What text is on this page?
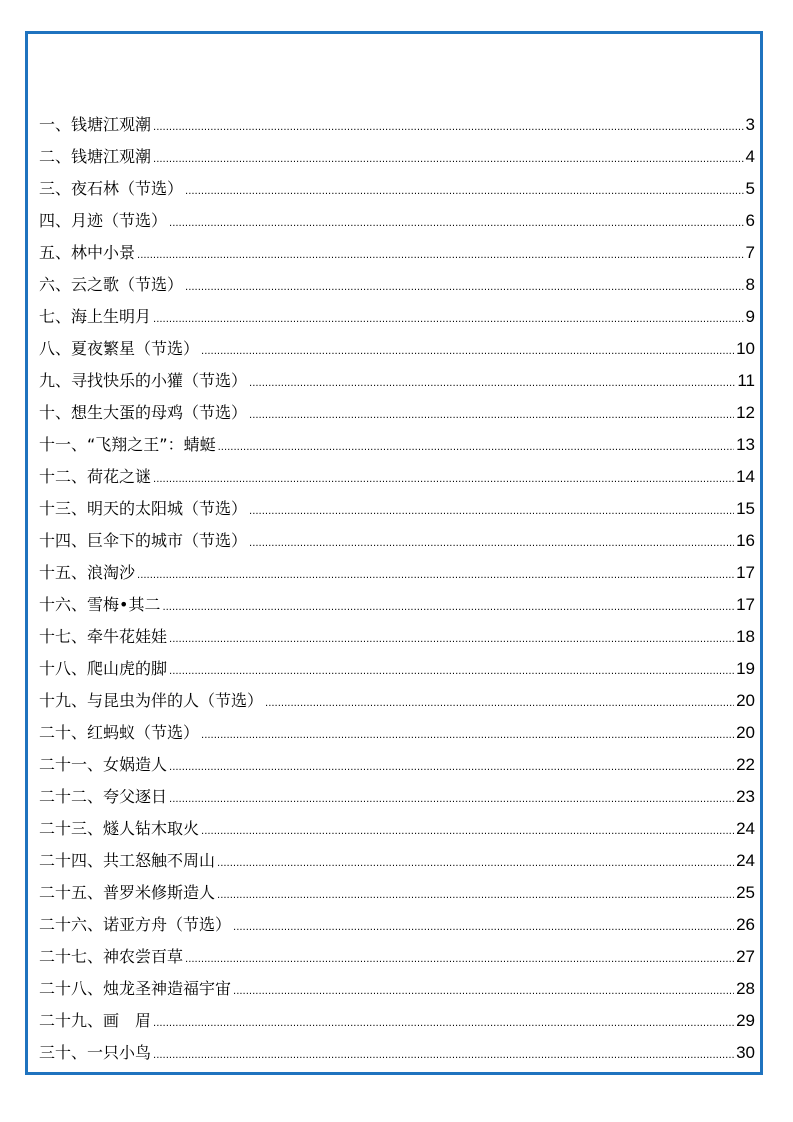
一、钱塘江观潮 .....	3
二、钱塘江观潮 .....	4
三、夜石林（节选） .....	5
四、月迹（节选） .....	6
五、林中小景 .....	7
六、云之歌（节选） .....	8
七、海上生明月 .....	9
八、夏夜繁星（节选） .....	10
九、寻找快乐的小獾（节选） .....	11
十、想生大蛋的母鸡（节选） .....	12
十一、“飞翔之王”：蜻蜓 .....	13
十二、荷花之谜 .....	14
十三、明天的太阳城（节选） .....	15
十四、巨伞下的城市（节选） .....	16
十五、浪淘沙 .....	17
十六、雪梅•其二 .....	17
十七、牵牛花娃娃 .....	18
十八、爬山虎的脚 .....	19
十九、与昆虫为伴的人（节选） .....	20
二十、红蚂蚁（节选） .....	20
二十一、女娲造人 .....	22
二十二、夸父逐日 .....	23
二十三、燧人钻木取火 .....	24
二十四、共工怒触不周山 .....	24
二十五、普罗米修斯造人 .....	25
二十六、诺亚方舟（节选） .....	26
二十七、神农尝百草 .....	27
二十八、烛龙圣神造福宇宙 .....	28
二十九、画　眉 .....	29
三十、一只小鸟 .....	30
